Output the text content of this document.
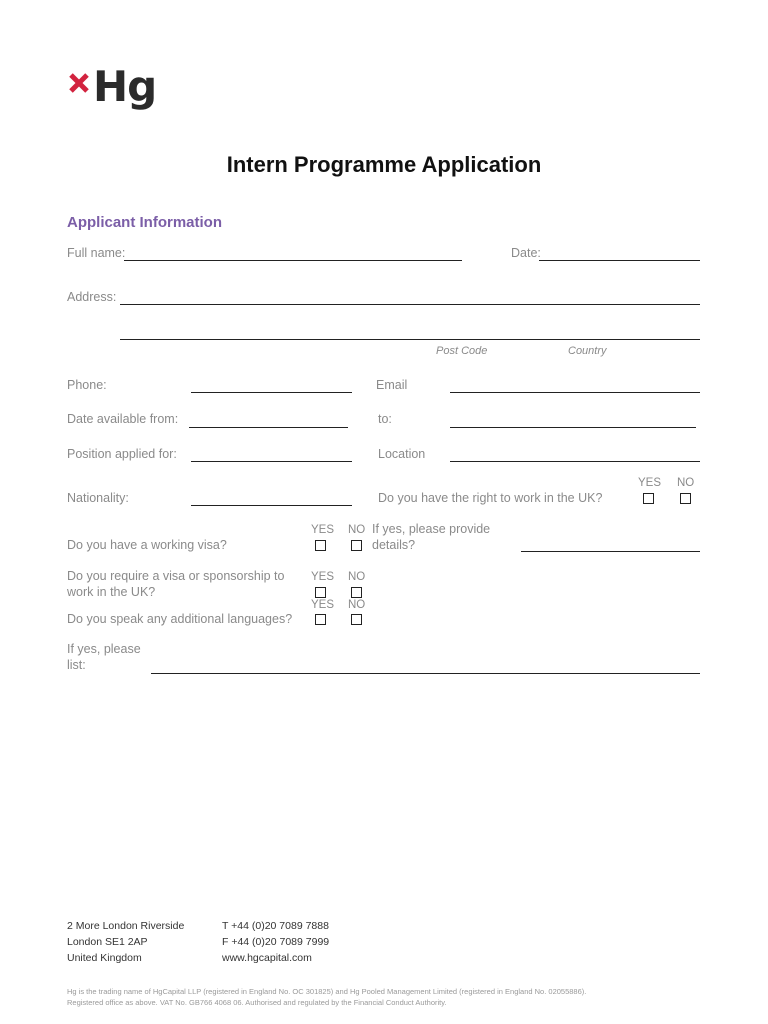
Hg
Intern Programme Application
Applicant Information
Full name:	Date:
Address:
Post Code	Country
Phone:	Email
Date available from:	to:
Position applied for:	Location
Nationality:	Do you have the right to work in the UK?
YES NO
Do you have a working visa?
YES NO If yes, please provide details?
Do you require a visa or sponsorship to work in the UK?
YES NO
Do you speak any additional languages?
YES NO
If yes, please list:
2 More London Riverside
London SE1 2AP
United Kingdom
T +44 (0)20 7089 7888
F +44 (0)20 7089 7999
www.hgcapital.com
Hg is the trading name of HgCapital LLP (registered in England No. OC 301825) and Hg Pooled Management Limited (registered in England No. 02055886).
Registered office as above. VAT No. GB766 4068 06. Authorised and regulated by the Financial Conduct Authority.
